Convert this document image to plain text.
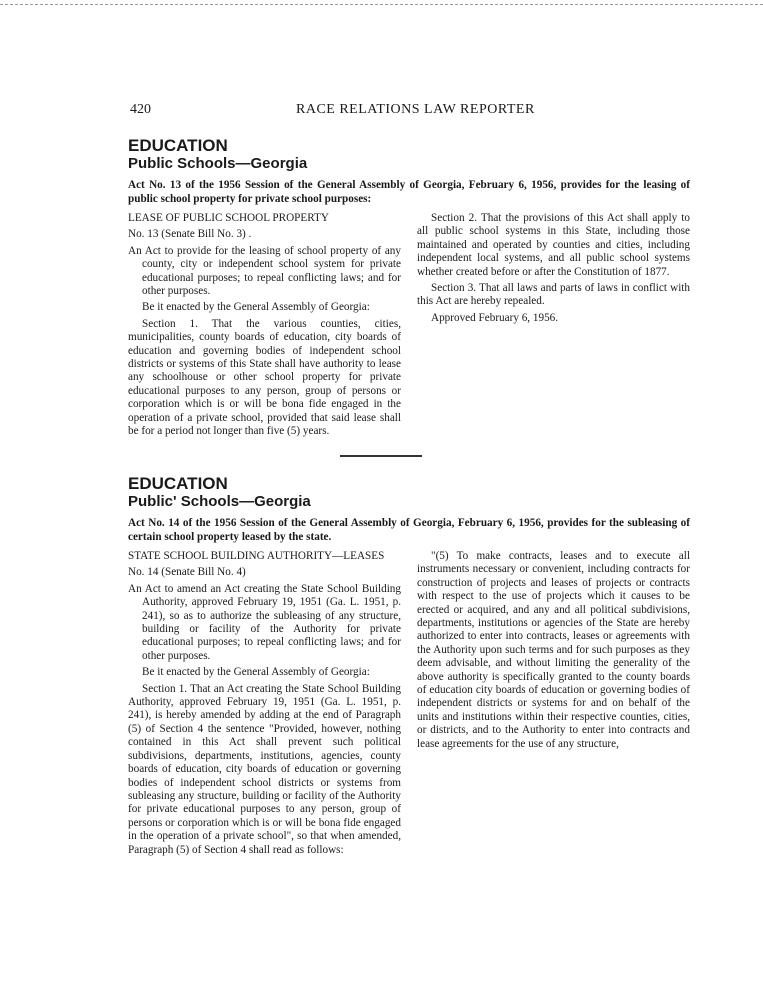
420	RACE RELATIONS LAW REPORTER
EDUCATION
Public Schools—Georgia

Act No. 13 of the 1956 Session of the General Assembly of Georgia, February 6, 1956, provides for the leasing of public school property for private school purposes:

LEASE OF PUBLIC SCHOOL PROPERTY

No. 13 (Senate Bill No. 3) .

An Act to provide for the leasing of school property of any county, city or independent school system for private educational purposes; to repeal conflicting laws; and for other purposes.

Be it enacted by the General Assembly of Georgia:

Section 1. That the various counties, cities, municipalities, county boards of education, city boards of education and governing bodies of independent school districts or systems of this State shall have authority to lease any schoolhouse or other school property for private educational purposes to any person, group of persons or corporation which is or will be bona fide engaged in the operation of a private school, provided that said lease shall be for a period not longer than five (5) years.

Section 2. That the provisions of this Act shall apply to all public school systems in this State, including those maintained and operated by counties and cities, including independent local systems, and all public school systems whether created before or after the Constitution of 1877.

Section 3. That all laws and parts of laws in conflict with this Act are hereby repealed.

Approved February 6, 1956.

EDUCATION
Public' Schools—Georgia

Act No. 14 of the 1956 Session of the General Assembly of Georgia, February 6, 1956, provides for the subleasing of certain school property leased by the state.

STATE SCHOOL BUILDING AUTHORITY—LEASES

No. 14 (Senate Bill No. 4)

An Act to amend an Act creating the State School Building Authority, approved February 19, 1951 (Ga. L. 1951, p. 241), so as to authorize the subleasing of any structure, building or facility of the Authority for private educational purposes; to repeal conflicting laws; and for other purposes.

Be it enacted by the General Assembly of Georgia:

Section 1. That an Act creating the State School Building Authority, approved February 19, 1951 (Ga. L. 1951, p. 241), is hereby amended by adding at the end of Paragraph (5) of Section 4 the sentence "Provided, however, nothing contained in this Act shall prevent such political subdivisions, departments, institutions, agencies, county boards of education, city boards of education or governing bodies of independent school districts or systems from subleasing any structure, building or facility of the Authority for private educational purposes to any person, group of persons or corporation which is or will be bona fide engaged in the operation of a private school", so that when amended, Paragraph (5) of Section 4 shall read as follows:

"(5) To make contracts, leases and to execute all instruments necessary or convenient, including contracts for construction of projects and leases of projects or contracts with respect to the use of projects which it causes to be erected or acquired, and any and all political subdivisions, departments, institutions or agencies of the State are hereby authorized to enter into contracts, leases or agreements with the Authority upon such terms and for such purposes as they deem advisable, and without limiting the generality of the above authority is specifically granted to the county boards of education city boards of education or governing bodies of independent districts or systems for and on behalf of the units and institutions within their respective counties, cities, or districts, and to the Authority to enter into contracts and lease agreements for the use of any structure,
